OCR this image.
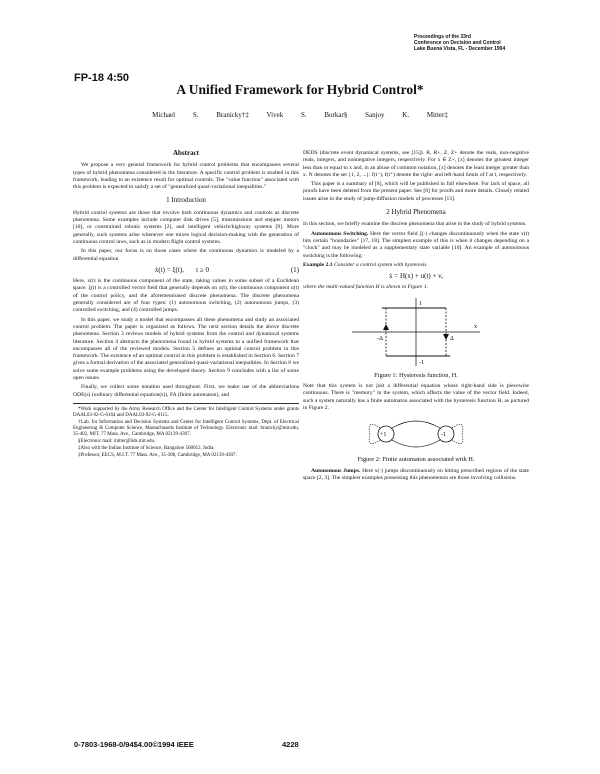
FP-18 4:50
Proceedings of the 33rd
Conference on Decision and Control
Lake Buena Vista, FL - December 1994
A Unified Framework for Hybrid Control*
Michael S. Branicky†‡	Vivek S. Borkar§	Sanjoy K. Mitter‡
Abstract

We propose a very general framework for hybrid control problems that encompasses several types of hybrid phenomena considered in the literature. A specific control problem is studied in this framework, leading to an existence result for optimal controls. The "value function" associated with this problem is expected to satisfy a set of "generalized quasi-variational inequalities."

1 Introduction

Hybrid control systems are those that involve both continuous dynamics and controls as discrete phenomena. Some examples include computer disk drives [5], transmissions and stepper motors [10], or constrained robotic systems [2], and intelligent vehicle/highway systems [9]. More generally, such systems arise whenever one mixes logical decision-making with the generation of continuous control laws, such as in modern flight control systems.

In this paper, our focus is on those cases where the continuous dynamics is modeled by a differential equation

ẋ(t) = ξ(t), t ≥ 0	(1)

Here, x(t) is the continuous component of the state, taking values in some subset of a Euclidean space. ξ(t) is a controlled vector field that generally depends on x(t), the continuous component u(t) of the control policy, and the aforementioned discrete phenomena. The discrete phenomena generally considered are of four types: (1) autonomous switching, (2) autonomous jumps, (3) controlled switching, and (4) controlled jumps.

In this paper, we study a model that encompasses all these phenomena and study an associated control problem. The paper is organized as follows. The next section details the above discrete phenomena. Section 3 reviews models of hybrid systems from the control and dynamical systems literature. Section 4 abstracts the phenomena found in hybrid systems to a unified framework that encompasses all of the reviewed models. Section 5 defines an optimal control problem in this framework. The existence of an optimal control in this problem is established in Section 6. Section 7 gives a formal derivation of the associated generalized quasi-variational inequalities. In Section 8 we solve some example problems using the developed theory. Section 9 concludes with a list of some open issues.

Finally, we collect some notation used throughout. First, we make use of the abbreviations ODE(s) (ordinary differential equation(s)), FA (finite automaton), and

*Work supported by the Army Research Office and the Center for Intelligent Control Systems under grants DAAL03-92-G-0164 and DAAL03-92-G-0115.

†Lab. for Information and Decision Systems and Center for Intelligent Control Systems, Dept. of Electrical Engineering & Computer Science, Massachusetts Institute of Technology. Electronic mail: branicky@mit.edu, 35-402, MIT, 77 Mass. Ave., Cambridge, MA 02139-4307.

§Electronic mail: mitter@lids.mit.edu.

‡Also with the Indian Institute of Science, Bangalore 560012, India.

‡Professor, EECS, M.I.T. 77 Mass. Ave., 35-308, Cambridge, MA 02139-4307.

DEDS (discrete event dynamical systems, see [15]). R, R+, Z, Z+ denote the reals, non-negative reals, integers, and nonnegative integers, respectively. For x ∈ Z+, [x] denotes the greatest integer less than or equal to x and, in an abuse of common notation, [x] denotes the least integer greater than x. N denotes the set {1, 2, ...}. f(t⁻), f(t⁺) denote the right- and left-hand limits of f at t, respectively.

This paper is a summary of [8], which will be published in full elsewhere. For lack of space, all proofs have been deleted from the present paper. See [8] for proofs and more details. Closely related issues arise in the study of jump-diffusion models of processes [13].

2 Hybrid Phenomena

In this section, we briefly examine the discrete phenomena that arise in the study of hybrid systems.

Autonomous Switching. Here the vector field ξ(·) changes discontinuously when the state x(t) hits certain "boundaries" [17, 18]. The simplest example of this is when it changes depending on a "clock" and may be modeled as a supplementary state variable [10]. An example of autonomous switching is the following:

Example 2.1 Consider a control system with hysteresis

ẋ = H(x) + u(t) + v,

where the multi-valued function H is shown in Figure 1.

1
-1
-Δ	Δ
x
Figure 1: Hysteresis function, H.

Note that this system is not just a differential equation whose right-hand side is piecewise continuous. There is "memory" in the system, which affects the value of the vector field. Indeed, such a system naturally has a finite automaton associated with the hysteresis function H, as pictured in Figure 2.

+1	-1
Figure 2: Finite automaton associated with H.

Autonomous Jumps. Here x(·) jumps discontinuously on hitting prescribed regions of the state space [2, 3]. The simplest examples possessing this phenomenon are those involving collisions.

0-7803-1968-0/94$4.00©1994 IEEE	4228
